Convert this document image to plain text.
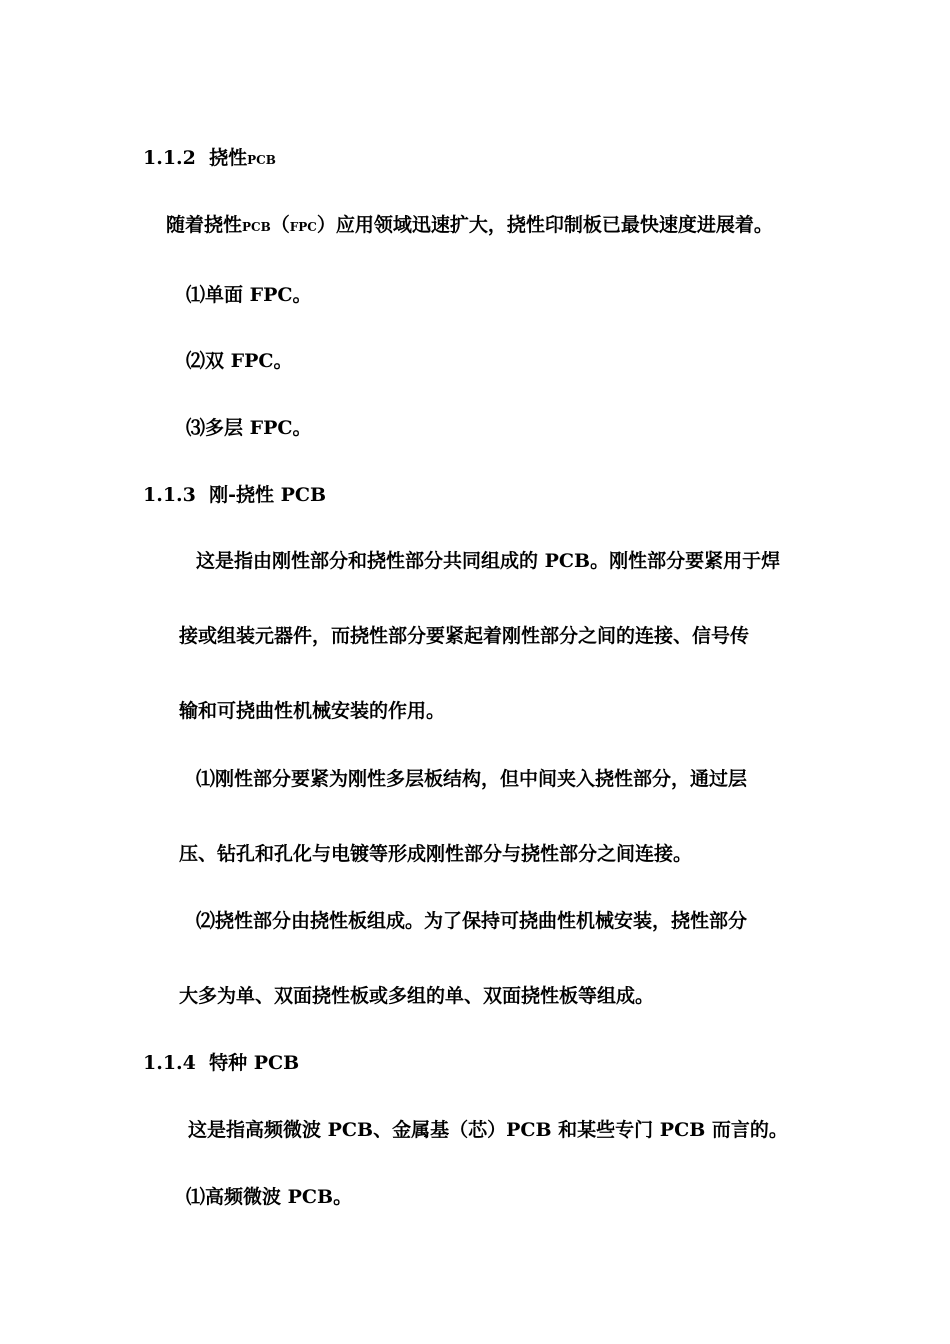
1.1.2 挠性PCB
随着挠性PCB（FPC）应用领域迅速扩大，挠性印制板已最快速度进展着。
⑴单面 FPC。
⑵双 FPC。
⑶多层 FPC。
1.1.3 刚-挠性 PCB
这是指由刚性部分和挠性部分共同组成的 PCB。刚性部分要紧用于焊
接或组装元器件，而挠性部分要紧起着刚性部分之间的连接、信号传
输和可挠曲性机械安装的作用。
⑴刚性部分要紧为刚性多层板结构，但中间夹入挠性部分，通过层
压、钻孔和孔化与电镀等形成刚性部分与挠性部分之间连接。
⑵挠性部分由挠性板组成。为了保持可挠曲性机械安装，挠性部分
大多为单、双面挠性板或多组的单、双面挠性板等组成。
1.1.4 特种 PCB
这是指高频微波 PCB、金属基（芯）PCB 和某些专门 PCB 而言的。
⑴高频微波 PCB。
